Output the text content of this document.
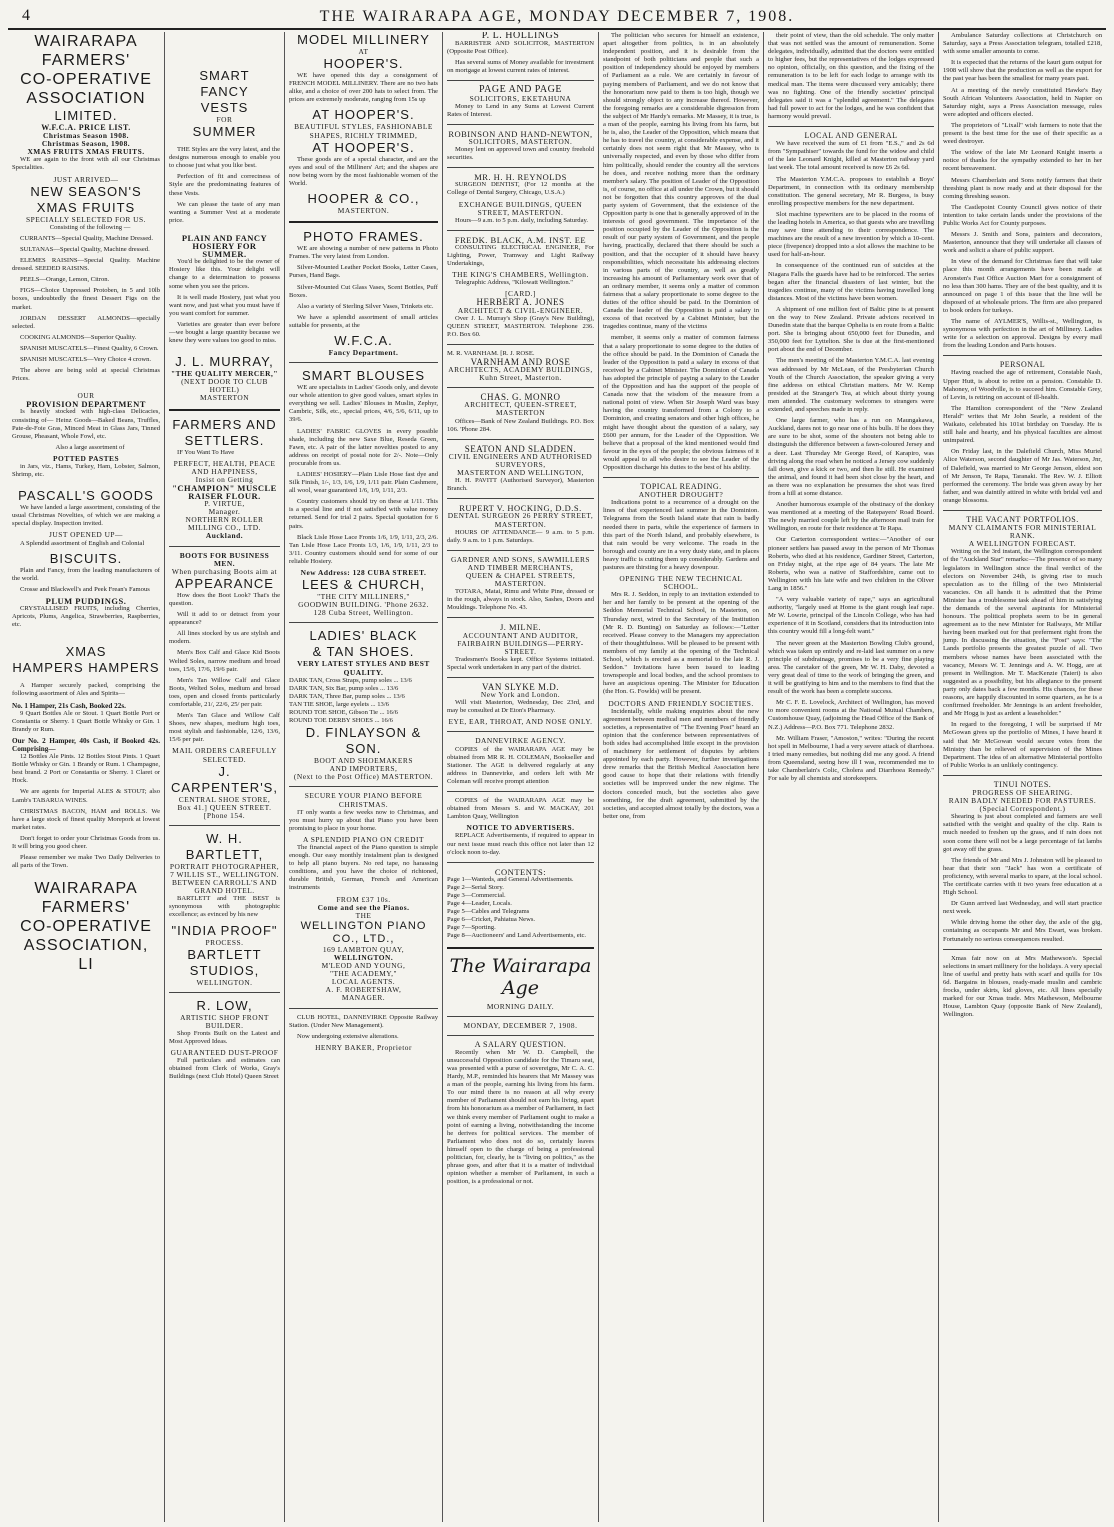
4	THE WAIRARAPA AGE, MONDAY DECEMBER 7, 1908.
WAIRARAPA
FARMERS'
CO-OPERATIVE
ASSOCIATION
LIMITED.
W.F.C.A. PRICE LIST.
Christmas Season 1908.
Christmas Season, 1908.
XMAS FRUITS XMAS FRUITS.

WE are again to the front with all our Christmas Specialities.

JUST ARRIVED—
NEW SEASON'S
XMAS FRUITS
SPECIALLY SELECTED FOR US.

Consisting of the following —

CURRANTS—Special Quality, Machine Dressed.

SULTANAS—Special Quality, Machine dressed.

ELEMES RAISINS—Special Quality. Machine dressed. SEEDED RAISINS.

PEELS—Orange, Lemon, Citron.

FIGS—Choice Unpressed Protoben, in 5 and 10lb boxes, undoubtedly the finest Dessert Figs on the market.

JORDAN DESSERT ALMONDS—specially selected.

COOKING ALMONDS—Superior Quality.

SPANISH MUSCATELS—Finest Quality, 6 Crown.

SPANISH MUSCATELS—Very Choice 4 crown.

The above are being sold at special Christmas Prices.

OUR
PROVISION DEPARTMENT

Is heavily stocked with high-class Delicacies, consisting of— Heinz Goods—Baked Beans, Truffles, Pate-de-Foie Gras, Minced Meat in Glass Jars, Tinned Grouse, Pheasant, Whole Fowl, etc.

Also a large assortment of

POTTED PASTES

in Jars, viz., Hams, Turkey, Ham, Lobster, Salmon, Shrimp, etc.

PASCALL'S GOODS

We have landed a large assortment, consisting of the usual Christmas Novelties, of which we are making a special display. Inspection invited.

JUST OPENED UP—

A Splendid assortment of English and Colonial

BISCUITS.

Plain and Fancy, from the leading manufacturers of the world.

Crosse and Blackwell's and Peek Frean's Famous

PLUM PUDDINGS.

CRYSTALLISED FRUITS, including Cherries, Apricots, Plums, Angelica, Strawberries, Raspberries, etc.

XMAS
HAMPERS HAMPERS

A Hamper securely packed, comprising the following assortment of Ales and Spirits—

No. 1 Hamper, 21s Cash, Booked 22s.

9 Quart Bottles Ale or Stout. 1 Quart Bottle Port or Constantia or Sherry. 1 Quart Bottle Whisky or Gin. 1 Brandy or Rum.

Our No. 2 Hamper, 40s Cash, if Booked 42s. Comprising—

12 Bottles Ale Pints. 12 Bottles Stout Pints. 1 Quart Bottle Whisky or Gin. 1 Brandy or Rum. 1 Champagne, best brand. 2 Port or Constantia or Sherry. 1 Claret or Hock.

We are agents for Imperial ALES & STOUT; also Lamb's TABARUA WINES.

CHRISTMAS BACON, HAM and ROLLS. We have a large stock of finest quality Morepork at lowest market rates.

Don't forget to order your Christmas Goods from us. It will bring you good cheer.

Please remember we make Two Daily Deliveries to all parts of the Town.

WAIRARAPA
FARMERS'
CO-OPERATIVE
ASSOCIATION,
LI
SMART
FANCY
VESTS
FOR
SUMMER

THE Styles are the very latest, and the designs numerous enough to enable you to choose just what you like best.

Perfection of fit and correctness of Style are the predominating features of these Vests.

We can please the taste of any man wanting a Summer Vest at a moderate price.

PLAIN AND FANCY
HOSIERY FOR SUMMER.

You'd be delighted to be the owner of Hosiery like this. Your delight will change to a determination to possess some when you see the prices.

It is well made Hosiery, just what you want now, and just what you must have if you want comfort for summer.

Varieties are greater than ever before —we bought a large quantity because we knew they were values too good to miss.

J. L. MURRAY,
"THE QUALITY MERCER,"
(NEXT DOOR TO CLUB HOTEL)
MASTERTON
FARMERS AND
SETTLERS.

IF You Want To Have

PERFECT, HEALTH, PEACE AND HAPPINESS,
Insist on Getting
"CHAMPION" MUSCLE RAISER FLOUR.
P. VIRTUE,
Manager.
NORTHERN ROLLER MILLING CO., LTD.
Auckland.
BOOTS FOR BUSINESS MEN.
When purchasing Boots aim at
APPEARANCE

How does the Boot Look? That's the question.

Will it add to or detract from your appearance?

All lines stocked by us are stylish and modern.

Men's Box Calf and Glace Kid Boots Welted Soles, narrow medium and broad toes, 15/6, 17/6, 19/6 pair.

Men's Tan Willow Calf and Glace Boots, Welted Soles, medium and broad toes, open and closed fronts particularly comfortable, 21/, 22/6, 25/ per pair.

Men's Tan Glace and Willow Calf Shoes, new shapes, medium high toes, most stylish and fashionable, 12/6, 13/6, 15/6 per pair.

MAIL ORDERS CAREFULLY SELECTED.
J. CARPENTER'S,
CENTRAL SHOE STORE,
Box 41.] QUEEN STREET. [Phone 154.
W. H. BARTLETT,
PORTRAIT PHOTOGRAPHER,
7 WILLIS ST., WELLINGTON.
BETWEEN CARROLL'S AND GRAND HOTEL.

BARTLETT and THE BEST is synonymous with photographic excellence; as evinced by his new

"INDIA PROOF"
PROCESS.
BARTLETT
STUDIOS,
WELLINGTON.
R. LOW,
ARTISTIC SHOP FRONT BUILDER.

Shop Fronts Built on the Latest and Most Approved Ideas.

GUARANTEED DUST-PROOF

Full particulars and estimates can obtained from Clerk of Works, Gray's Buildings (next Club Hotel) Queen Street

MODEL MILLINERY
AT
HOOPER'S.

WE have opened this day a consignment of FRENCH MODEL MILLINERY. There are no two hats alike, and a choice of over 200 hats to select from. The prices are extremely moderate, ranging from 15s up

AT HOOPER'S.
BEAUTIFUL STYLES, FASHIONABLE SHAPES, RICHLY TRIMMED,
AT HOOPER'S.

These goods are of a special character, and are the eyes and soul of the Milliners' Art; and the shapes are now being worn by the most fashionable women of the World.

HOOPER & CO.,
MASTERTON.
PHOTO FRAMES.

WE are showing a number of new patterns in Photo Frames. The very latest from London.

Silver-Mounted Leather Pocket Books, Letter Cases, Purses, Hand Bags.

Silver-Mounted Cut Glass Vases, Scent Bottles, Puff Boxes.

Also a variety of Sterling Silver Vases, Trinkets etc.

We have a splendid assortment of small articles suitable for presents, at the

W.F.C.A.
Fancy Department.
SMART BLOUSES

WE are specialists in Ladies' Goods only, and devote our whole attention to give good values, smart styles in everything we sell. Ladies' Blouses in Muslin, Zephyr, Cambric, Silk, etc., special prices, 4/6, 5/6, 6/11, up to 39/6.

LADIES' FABRIC GLOVES in every possible shade, including the new Saxe Blue, Reseda Green, Fawn, etc. A pair of the latter novelties posted to any address on receipt of postal note for 2/-. Note—Only procurable from us.

LADIES' HOSIERY—Plain Lisle Hose fast dye and Silk Finish, 1/-, 1/3, 1/6, 1/9, 1/11 pair. Plain Cashmere, all wool, wear guaranteed 1/6, 1/9, 1/11, 2/3.

Country customers should try on these at 1/11. This is a special line and if not satisfied with value money returned. Send for trial 2 pairs. Special quotation for 6 pairs.

Black Lisle Hose Lace Fronts 1/6, 1/9, 1/11, 2/3, 2/6. Tan Lisle Hose Lace Fronts 1/3, 1/6, 1/9, 1/11, 2/3 to 3/11. Country customers should send for some of our reliable Hosiery.

New Address: 128 CUBA STREET.
LEES & CHURCH,
"THE CITY MILLINERS,"
GOODWIN BUILDING. 'Phone 2632.
128 Cuba Street, Wellington.
LADIES' BLACK
& TAN SHOES.
VERY LATEST STYLES AND BEST QUALITY.
DARK TAN, Cross Straps, pump soles ... 13/6
DARK TAN, Six Bar, pump soles ... 13/6
DARK TAN, Three Bar, pump soles ... 13/6
TAN TIE SHOE, large eyelets ... 13/6
ROUND TOE SHOE, Gibson Tie ... 16/6
ROUND TOE DERBY SHOES ... 16/6
D. FINLAYSON & SON.
BOOT AND SHOEMAKERS
AND IMPORTERS,
(Next to the Post Office) MASTERTON.
SECURE YOUR PIANO BEFORE CHRISTMAS.

IT only wants a few weeks now to Christmas, and you must hurry up about that Piano you have been promising to place in your home.

A SPLENDID PIANO ON CREDIT

The financial aspect of the Piano question is simple enough. Our easy monthly instalment plan is designed to help all piano buyers. No red tape, no harassing conditions, and you have the choice of richtoned, durable British, German, French and American instruments

FROM £37 10s.
Come and see the Pianos.
THE
WELLINGTON PIANO CO., LTD.,
169 LAMBTON QUAY,
WELLINGTON.
M'LEOD AND YOUNG,
"THE ACADEMY,"
LOCAL AGENTS.
A. F. ROBERTSHAW,
MANAGER.

CLUB HOTEL, DANNEVIRKE Opposite Railway Station. (Under New Management).

Now undergoing extensive alterations.

HENRY BAKER, Proprietor
P. L. HOLLINGS

BARRISTER AND SOLICITOR, MASTERTON (Opposite Post Office).

Has several sums of Money available for investment on mortgage at lowest current rates of interest.

PAGE AND PAGE
SOLICITORS, EKETAHUNA

Money to Lend in any Sums at Lowest Current Rates of Interest.

ROBINSON AND HAND-NEWTON,
SOLICITORS, MASTERTON.

Money lent on approved town and country freehold securities.

MR. H. H. REYNOLDS

SURGEON DENTIST, (For 12 months at the College of Dental Surgery, Chicago, U.S.A.)

EXCHANGE BUILDINGS, QUEEN STREET, MASTERTON.

Hours—9 a.m. to 5 p.m. daily, including Saturday.

FREDK. BLACK, A.M. INST. EE

CONSULTING ELECTRICAL ENGINEER, For Lighting, Power, Tramway and Light Railway Undertakings,

THE KING'S CHAMBERS, Wellington.

Telegraphic Address, "Kilowatt Wellington."

[CARD.]
HERBERT A. JONES
ARCHITECT & CIVIL-ENGINEER.

Over J. L. Murray's Shop (Gray's New Building), QUEEN STREET, MASTERTON. Telephone 236. P.O. Box 60.

M. R. VARNHAM. [R. J. ROSE.
VARNHAM AND ROSE
ARCHITECTS, ACADEMY BUILDINGS, Kuhn Street, Masterton.
CHAS. G. MONRO
ARCHITECT, QUEEN-STREET, MASTERTON

Offices—Bank of New Zealand Buildings. P.O. Box 106. 'Phone 284.

SEATON AND SLADDEN.
CIVIL ENGINEERS AND AUTHORISED SURVEYORS,
MASTERTON AND WELLINGTON,

H. H. PAVITT (Authorised Surveyor), Masterton Branch.

RUPERT V. HOCKING, D.D.S.
DENTAL SURGEON 26 PERRY STREET, MASTERTON.

HOURS OF ATTENDANCE— 9 a.m. to 5 p.m. daily. 9 a.m. to 1 p.m. Saturdays.

GARDNER AND SONS, SAWMILLERS AND TIMBER MERCHANTS,
QUEEN & CHAPEL STREETS, MASTERTON.

TOTARA, Matai, Rimu and White Pine, dressed or in the rough, always in stock. Also, Sashes, Doors and Mouldings. Telephone No. 43.

J. MILNE.
ACCOUNTANT AND AUDITOR, FAIRBAIRN BUILDINGS—PERRY-STREET.

Tradesmen's Books kept. Office Systems initiated. Special work undertaken in any part of the district.

VAN SLYKE M.D.
New York and London.

Will visit Masterton, Wednesday, Dec 23rd, and may be consulted at Dr Eton's Pharmacy.

EYE, EAR, THROAT, AND NOSE ONLY.
DANNEVIRKE AGENCY.

COPIES of the WAIRARAPA AGE may be obtained from MR R. H. COLEMAN, Bookseller and Stationer. The AGE is delivered regularly at any address in Dannevirke, and orders left with Mr Coleman will receive prompt attention

COPIES of the WAIRARAPA AGE may be obtained from Messrs S. and W. MACKAY, 201 Lambton Quay, Wellington

NOTICE TO ADVERTISERS.

REPLACE Advertisements, if required to appear in our next issue must reach this office not later than 12 o'clock noon to-day.

CONTENTS:
Page 1—Wanteds, and General Advertisements.
Page 2—Serial Story.
Page 3—Commercial.
Page 4—Leader, Locals.
Page 5—Cables and Telegrams
Page 6—Cricket, Pahiatua News.
Page 7—Sporting.
Page 8—Auctioneers' and Land Advertisements, etc.
The Wairarapa Age
MORNING DAILY.
MONDAY, DECEMBER 7, 1908.
A SALARY QUESTION.

Recently when Mr W. D. Campbell, the unsuccessful Opposition candidate for the Timaru seat, was presented with a purse of sovereigns, Mr C. A. C. Hardy, M.P., reminded his hearers that Mr Massey was a man of the people, earning his living from his farm. To our mind there is no reason at all why every member of Parliament should not earn his living, apart from his honorarium as a member of Parliament, in fact we think every member of Parliament ought to make a point of earning a living, notwithstanding the income he derives for political services. The member of Parliament who does not do so, certainly leaves himself open to the charge of being a professional politician, for, clearly, he is "living on politics," as the phrase goes, and after that it is a matter of individual opinion whether a member of Parliament, in such a position, is a professional or not.

The politician who secures for himself an existence, apart altogether from politics, is in an absolutely independent position, and it is desirable from the standpoint of both politicians and people that such a position of independency should be enjoyed by members of Parliament as a rule. We are certainly in favour of paying members of Parliament, and we do not know that the honorarium now paid to them is too high, though we should strongly object to any increase thereof. However, the foregoing remarks are a considerable digression from the subject of Mr Hardy's remarks. Mr Massey, it is true, is a man of the people, earning his living from his farm, but he is, also, the Leader of the Opposition, which means that he has to travel the country, at considerable expense, and it certainly does not seem right that Mr Massey, who is universally respected, and even by those who differ from him politically, should render the country all the services he does, and receive nothing more than the ordinary member's salary. The position of Leader of the Opposition is, of course, no office at all under the Crown, but it should not be forgotten that this country approves of the dual party system of Government, that the existence of the Opposition party is one that is generally approved of in the interests of good government. The importance of the position occupied by the Leader of the Opposition is the result of our party system of Government, and the people having, practically, declared that there should be such a position, and that the occupier of it should have heavy responsibilities, which necessitate his addressing electors in various parts of the country, as well as greatly increasing his amount of Parliamentary work over that of an ordinary member, it seems only a matter of common fairness that a salary proportionate to some degree to the duties of the office should be paid. In the Dominion of Canada the leader of the Opposition is paid a salary in excess of that received by a Cabinet Minister, but the tragedies continue, many of the victims

member, it seems only a matter of common fairness that a salary proportionate to some degree to the duties of the office should be paid. In the Dominion of Canada the leader of the Opposition is paid a salary in excess of that received by a Cabinet Minister. The Dominion of Canada has adopted the principle of paying a salary to the Leader of the Opposition and has the support of the people of Canada now that the wisdom of the measure from a national point of view. When Sir Joseph Ward was busy having the country transformed from a Colony to a Dominion, and creating senators and other high offices, he might have thought about the question of a salary, say £600 per annum, for the Leader of the Opposition. We believe that a proposal of the kind mentioned would find favour in the eyes of the people; the obvious fairness of it would appeal to all who desire to see the Leader of the Opposition discharge his duties to the best of his ability.

TOPICAL READING.
ANOTHER DROUGHT?

Indications point to a recurrence of a drought on the lines of that experienced last summer in the Dominion. Telegrams from the South Island state that rain is badly needed there in parts, while the experience of farmers in this part of the North Island, and probably elsewhere, is that rain would be very welcome. The roads in the borough and county are in a very dusty state, and in places heavy traffic is cutting them up considerably. Gardens and pastures are thirsting for a heavy downpour.

OPENING THE NEW TECHNICAL SCHOOL.

Mrs R. J. Seddon, in reply to an invitation extended to her and her family to be present at the opening of the Seddon Memorial Technical School, in Masterton, on Thursday next, wired to the Secretary of the Institution (Mr R. D. Bunting) on Saturday as follows:—"Letter received. Please convey to the Managers my appreciation of their thoughtfulness. Will be pleased to be present with members of my family at the opening of the Technical School, which is erected as a memorial to the late R. J. Seddon." Invitations have been issued to leading townspeople and local bodies, and the school promises to have an auspicious opening. The Minister for Education (the Hon. G. Fowlds) will be present.

DOCTORS AND FRIENDLY SOCIETIES.

Incidentally, while making enquiries about the new agreement between medical men and members of friendly societies, a representative of "The Evening Post" heard an opinion that the conference between representatives of both sides had accomplished little except in the provision of machinery for settlement of disputes by arbiters appointed by each party. However, further investigations drew remarks that the British Medical Association here good cause to hope that their relations with friendly societies will be improved under the new régime. The doctors conceded much, but the societies also gave something, for the draft agreement, submitted by the societies, and accepted almost totally by the doctors, was a better one, from

their point of view, than the old schedule. The only matter that was not settled was the amount of remuneration. Some delegates, individually, admitted that the doctors were entitled to higher fees, but the representatives of the lodges expressed no opinion, officially, on this question, and the fixing of the remuneration is to be left for each lodge to arrange with its medical man. The items were discussed very amicably; there was no fighting. One of the friendly societies' principal delegates said it was a "splendid agreement." The delegates had full power to act for the lodges, and he was confident that harmony would prevail.

LOCAL AND GENERAL

We have received the sum of £1 from "E.S.," and 2s 6d from "Sympathiser" towards the fund for the widow and child of the late Leonard Knight, killed at Masterton railway yard last week. The total amount received is now £6 2s 6d.

The Masterton Y.M.C.A. proposes to establish a Boys' Department, in connection with its ordinary membership constitution. The general secretary, Mr R. Burgess, is busy enrolling prospective members for the new department.

Slot machine typewriters are to be placed in the rooms of the leading hotels in America, so that guests who are travelling may save time attending to their correspondence. The machines are the result of a new invention by which a 10-cent. piece (fivepence) dropped into a slot allows the machine to be used for half-an-hour.

In consequence of the continued run of suicides at the Niagara Falls the guards have had to be reinforced. The series began after the financial disasters of last winter, but the tragedies continue, many of the victims having travelled long distances. Most of the victims have been women.

A shipment of one million feet of Baltic pine is at present on the way to New Zealand. Private advices received in Dunedin state that the barque Ophelia is en route from a Baltic port. She is bringing about 650,000 feet for Dunedin, and 350,000 feet for Lyttelton. She is due at the first-mentioned port about the end of December.

The men's meeting of the Masterton Y.M.C.A. last evening was addressed by Mr McLean, of the Presbyterian Church Youth of the Church Association, the speaker giving a very fine address on ethical Christian matters. Mr W. Kemp presided at the Stranger's Tea, at which about thirty young men attended. The customary welcomes to strangers were extended, and speeches made in reply.

One large farmer, who has a run on Maungakawa, Auckland, dares not to go near one of his bulls. If he does they are sure to be shot, some of the shouters not being able to distinguish the difference between a fawn-coloured Jersey and a deer. Last Thursday Mr George Reed, of Karapiro, was driving along the road when he noticed a Jersey cow suddenly fall down, give a kick or two, and then lie still. He examined the animal, and found it had been shot close by the heart, and as there was no explanation he presumes the shot was fired from a hill at some distance.

Another humorous example of the obstinacy of the donkey was mentioned at a meeting of the Ratepayers' Road Board. The newly married couple left by the afternoon mail train for Wellington, en route for their residence at Te Rapa.

Our Carterton correspondent writes:—"Another of our pioneer settlers has passed away in the person of Mr Thomas Roberts, who died at his residence, Gardiner Street, Carterton, on Friday night, at the ripe age of 84 years. The late Mr Roberts, who was a native of Staffordshire, came out to Wellington with his late wife and two children in the Oliver Lang in 1856."

"A very valuable variety of rape," says an agricultural authority, "largely used at Home is the giant rough leaf rape. Mr W. Lowrie, principal of the Lincoln College, who has had experience of it in Scotland, considers that its introduction into this country would fill a long-felt want."

The never green at the Masterton Bowling Club's ground, which was taken up entirely and re-laid last summer on a new principle of subdrainage, promises to be a very fine playing area. The caretaker of the green, Mr W. H. Daby, devoted a very great deal of time to the work of bringing the green, and it will be gratifying to him and to the members to find that the result of the work has been a complete success.

Mr C. F. E. Lovelock, Architect of Wellington, has moved to more convenient rooms at the National Mutual Chambers, Customhouse Quay, (adjoining the Head Office of the Bank of N.Z.) Address—P.O. Box 771. Telephone 2832.

Mr. William Fraser, "Amoston," writes: "During the recent hot spell in Melbourne, I had a very severe attack of diarrhoea. I tried many remedies, but nothing did me any good. A friend from Queensland, seeing how ill I was, recommended me to take Chamberlain's Colic, Cholera and Diarrhoea Remedy." For sale by all chemists and storekeepers.

Ambulance Saturday collections at Christchurch on Saturday, says a Press Association telegram, totalled £218, with some smaller amounts to come.

It is expected that the returns of the kauri gum output for 1908 will show that the production as well as the export for the past year has been the smallest for many years past.

At a meeting of the newly constituted Hawke's Bay South African Volunteers Association, held in Napier on Saturday night, says a Press Association message, rules were adopted and officers elected.

The proprietors of "Lixall" wish farmers to note that the present is the best time for the use of their specific as a weed destroyer.

The widow of the late Mr Leonard Knight inserts a notice of thanks for the sympathy extended to her in her recent bereavement.

Messrs Chamberlain and Sons notify farmers that their threshing plant is now ready and at their disposal for the coming threshing season.

The Castlepoint County Council gives notice of their intention to take certain lands under the provisions of the Public Works Act for County purposes.

Messrs J. Smith and Sons, painters and decorators, Masterton, announce that they will undertake all classes of work and solicit a share of public support.

In view of the demand for Christmas fare that will take place this month arrangements have been made at Aronsten's Fast Office Auction Mart for a consignment of no less than 300 hams. They are of the best quality, and it is announced on page 1 of this issue that the line will be disposed of at wholesale prices. The firm are also prepared to book orders for turkeys.

The name of AYLMER'S, Willis-st., Wellington, is synonymous with perfection in the art of Millinery. Ladies write for a selection on approval. Designs by every mail from the leading London and Paris houses.

PERSONAL

Having reached the age of retirement, Constable Nash, Upper Hutt, is about to retire on a pension. Constable D. Mahoney, of Woodville, is to succeed him. Constable Grey, of Levin, is retiring on account of ill-health.

The Hamilton correspondent of the "New Zealand Herald" writes that Mr John Searle, a resident of the Waikato, celebrated his 101st birthday on Tuesday. He is still hale and hearty, and his physical faculties are almost unimpaired.

On Friday last, in the Dalefield Church, Miss Muriel Alice Waterson, second daughter of Mr Jas. Waterson, Jnr, of Dalefield, was married to Mr George Jenson, eldest son of Mr Jenson, Te Rapa, Taranaki. The Rev. W. J. Elliott performed the ceremony. The bride was given away by her father, and was daintily attired in white with bridal veil and orange blossoms.

THE VACANT PORTFOLIOS.
MANY CLAIMANTS FOR MINISTERIAL RANK.
A WELLINGTON FORECAST.

Writing on the 3rd instant, the Wellington correspondent of the "Auckland Star" remarks:—The presence of so many legislators in Wellington since the final verdict of the electors on November 24th, is giving rise to much speculation as to the filling of the two Ministerial vacancies. On all hands it is admitted that the Prime Minister has a troublesome task ahead of him in satisfying the demands of the several aspirants for Ministerial honours. The political prophets seem to be in general agreement as to the new Minister for Railways, Mr Millar having been marked out for that preferment right from the jump. In discussing the situation, the "Post" says: "The Lands portfolio presents the greatest puzzle of all. Two members whose names have been associated with the vacancy, Messrs W. T. Jennings and A. W. Hogg, are at present in Wellington. Mr T. MacKenzie (Taieri) is also suggested as a possibility, but his allegiance to the present party only dates back a few months. His chances, for these reasons, are happily discounted in some quarters, as he is a confirmed freeholder. Mr Jennings is an ardent freeholder, and Mr Hogg is just as ardent a leaseholder."

In regard to the foregoing, I will be surprised if Mr McGowan gives up the portfolio of Mines, I have heard it said that Mr McGowan would secure votes from the Ministry than be relieved of supervision of the Mines Department. The idea of an alternative Ministerial portfolio of Public Works is an unlikely contingency.

TINUI NOTES.
PROGRESS OF SHEARING.
RAIN BADLY NEEDED FOR PASTURES.
(Special Correspondent.)

Shearing is just about completed and farmers are well satisfied with the weight and quality of the clip. Rain is much needed to freshen up the grass, and if rain does not soon come there will not be a large percentage of fat lambs got away off the grass.

The friends of Mr and Mrs J. Johnston will be pleased to hear that their son "Jack" has won a certificate of proficiency, with several marks to spare, at the local school. The certificate carries with it two years free education at a High School.

Dr Gunn arrived last Wednesday, and will start practice next week.

While driving home the other day, the axle of the gig, containing as occupants Mr and Mrs Ewart, was broken. Fortunately no serious consequences resulted.

Xmas fair now on at Mrs Mathewson's. Special selections in smart millinery for the holidays. A very special line of useful and pretty hats with scarf and quills for 10s 6d. Bargains in blouses, ready-made muslin and cambric frocks, under skirts, kid gloves, etc. All lines specially marked for our Xmas trade. Mrs Mathewson, Melbourne House, Lambton Quay (opposite Bank of New Zealand), Wellington.
